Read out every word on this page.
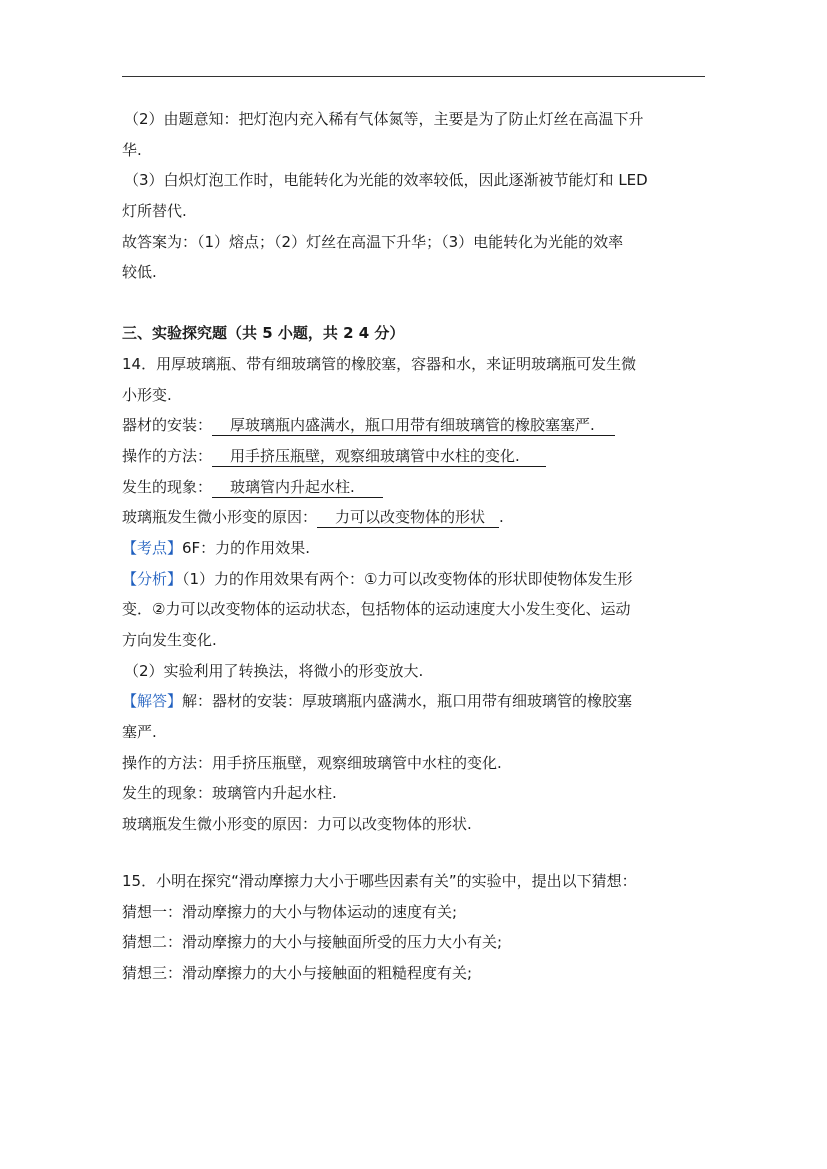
（2）由题意知：把灯泡内充入稀有气体氮等，主要是为了防止灯丝在高温下升
华.
（3）白炽灯泡工作时，电能转化为光能的效率较低，因此逐渐被节能灯和 LED
灯所替代.
故答案为：（1）熔点；（2）灯丝在高温下升华；（3）电能转化为光能的效率
较低.
三、实验探究题（共 5 小题，共 2 4 分）
14．用厚玻璃瓶、带有细玻璃管的橡胶塞，容器和水，来证明玻璃瓶可发生微
小形变.
器材的安装： 厚玻璃瓶内盛满水，瓶口用带有细玻璃管的橡胶塞塞严.
操作的方法： 用手挤压瓶壁，观察细玻璃管中水柱的变化.
发生的现象： 玻璃管内升起水柱.
玻璃瓶发生微小形变的原因： 力可以改变物体的形状 .
【考点】6F：力的作用效果.
【分析】（1）力的作用效果有两个：①力可以改变物体的形状即使物体发生形
变．②力可以改变物体的运动状态，包括物体的运动速度大小发生变化、运动
方向发生变化.
（2）实验利用了转换法，将微小的形变放大.
【解答】解：器材的安装：厚玻璃瓶内盛满水，瓶口用带有细玻璃管的橡胶塞
塞严.
操作的方法：用手挤压瓶壁，观察细玻璃管中水柱的变化.
发生的现象：玻璃管内升起水柱.
玻璃瓶发生微小形变的原因：力可以改变物体的形状.
15．小明在探究“滑动摩擦力大小于哪些因素有关”的实验中，提出以下猜想：
猜想一：滑动摩擦力的大小与物体运动的速度有关;
猜想二：滑动摩擦力的大小与接触面所受的压力大小有关;
猜想三：滑动摩擦力的大小与接触面的粗糙程度有关;
